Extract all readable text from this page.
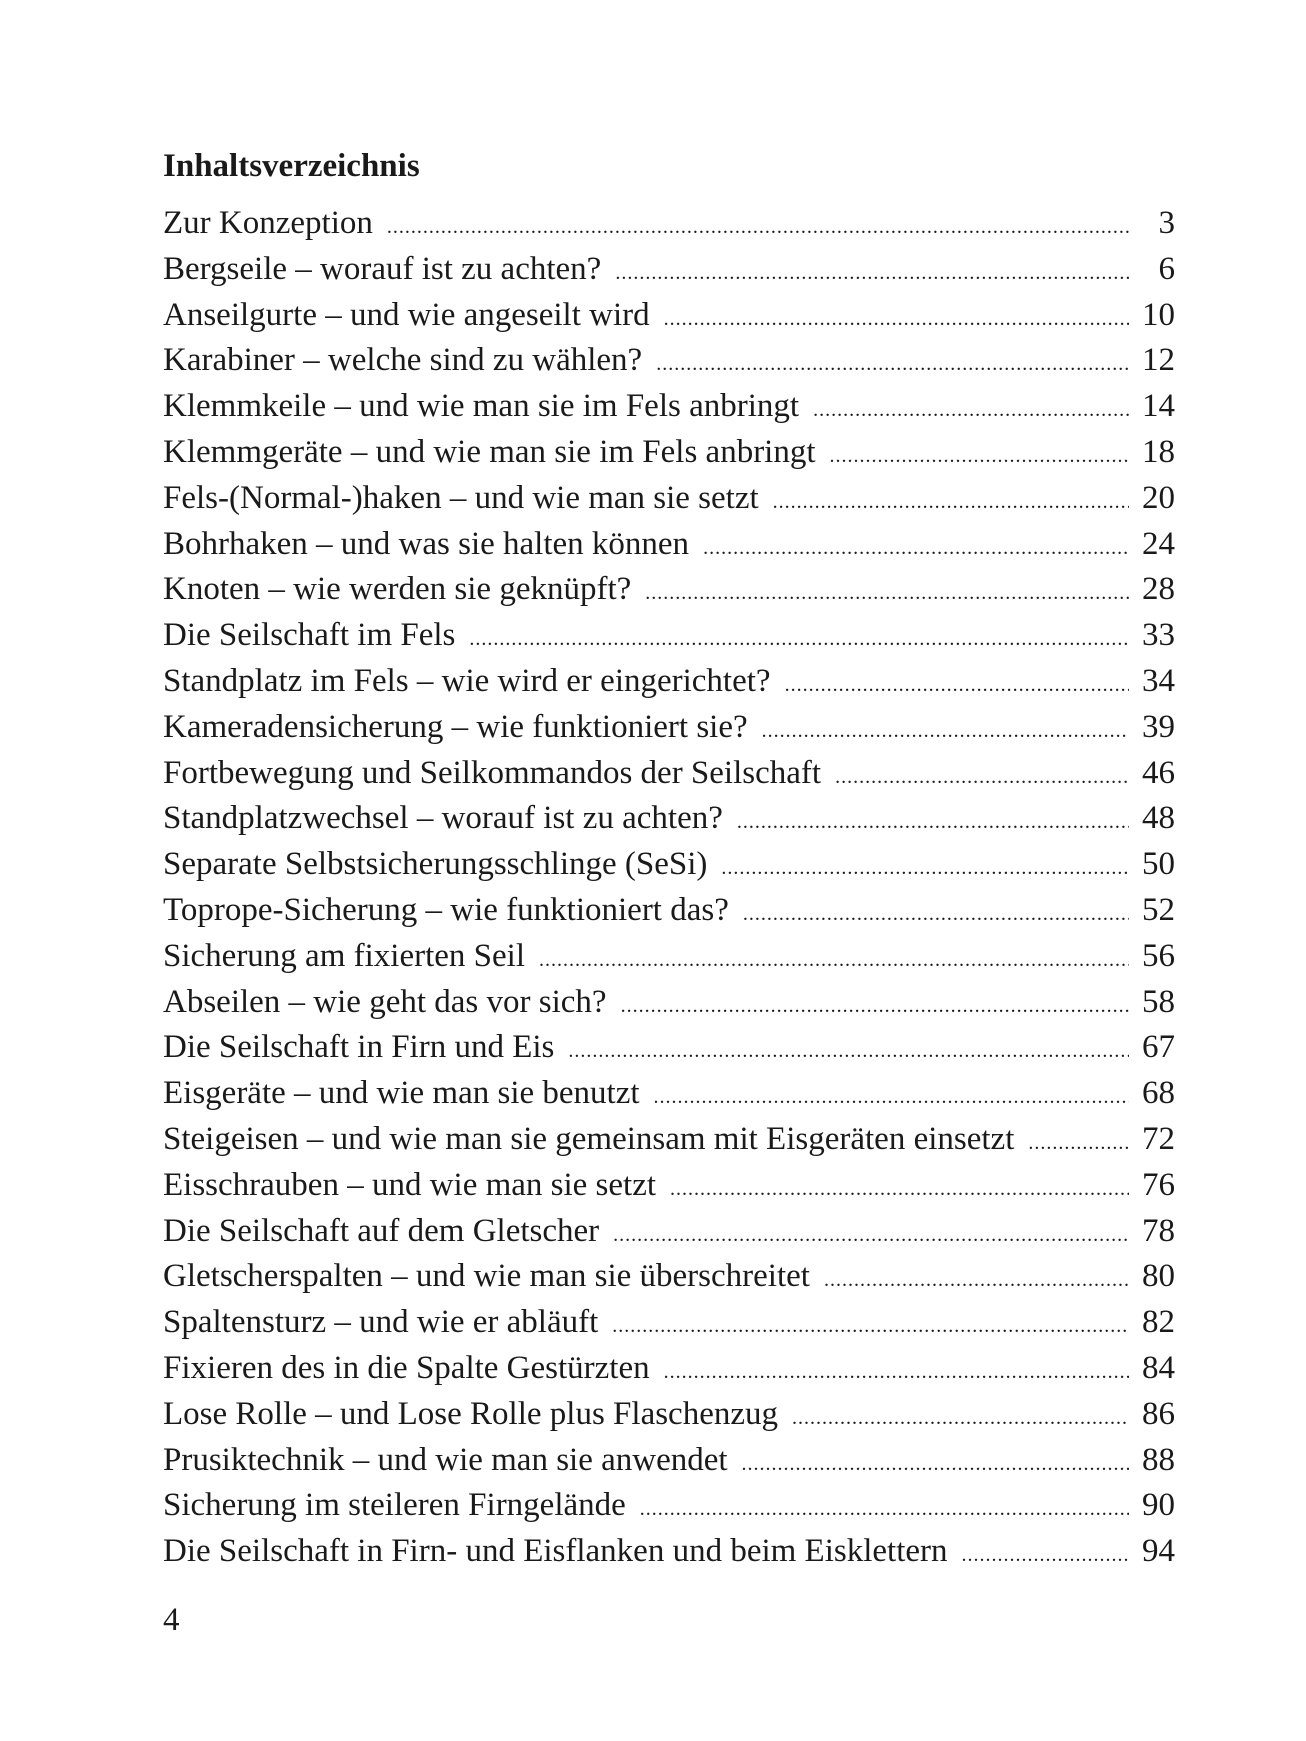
Inhaltsverzeichnis
Zur Konzeption .....	3
Bergseile – worauf ist zu achten? .....	6
Anseilgurte – und wie angeseilt wird .....	10
Karabiner – welche sind zu wählen? .....	12
Klemmkeile – und wie man sie im Fels anbringt .....	14
Klemmgeräte – und wie man sie im Fels anbringt .....	18
Fels-(Normal-)haken – und wie man sie setzt .....	20
Bohrhaken – und was sie halten können .....	24
Knoten – wie werden sie geknüpft? .....	28
Die Seilschaft im Fels .....	33
Standplatz im Fels – wie wird er eingerichtet? .....	34
Kameradensicherung – wie funktioniert sie? .....	39
Fortbewegung und Seilkommandos der Seilschaft .....	46
Standplatzwechsel – worauf ist zu achten? .....	48
Separate Selbstsicherungsschlinge (SeSi) .....	50
Toprope-Sicherung – wie funktioniert das? .....	52
Sicherung am fixierten Seil .....	56
Abseilen – wie geht das vor sich? .....	58
Die Seilschaft in Firn und Eis .....	67
Eisgeräte – und wie man sie benutzt .....	68
Steigeisen – und wie man sie gemeinsam mit Eisgeräten einsetzt .....	72
Eisschrauben – und wie man sie setzt .....	76
Die Seilschaft auf dem Gletscher .....	78
Gletscherspalten – und wie man sie überschreitet .....	80
Spaltensturz – und wie er abläuft .....	82
Fixieren des in die Spalte Gestürzten .....	84
Lose Rolle – und Lose Rolle plus Flaschenzug .....	86
Prusiktechnik – und wie man sie anwendet .....	88
Sicherung im steileren Firngelände .....	90
Die Seilschaft in Firn- und Eisflanken und beim Eisklettern .....	94
4
